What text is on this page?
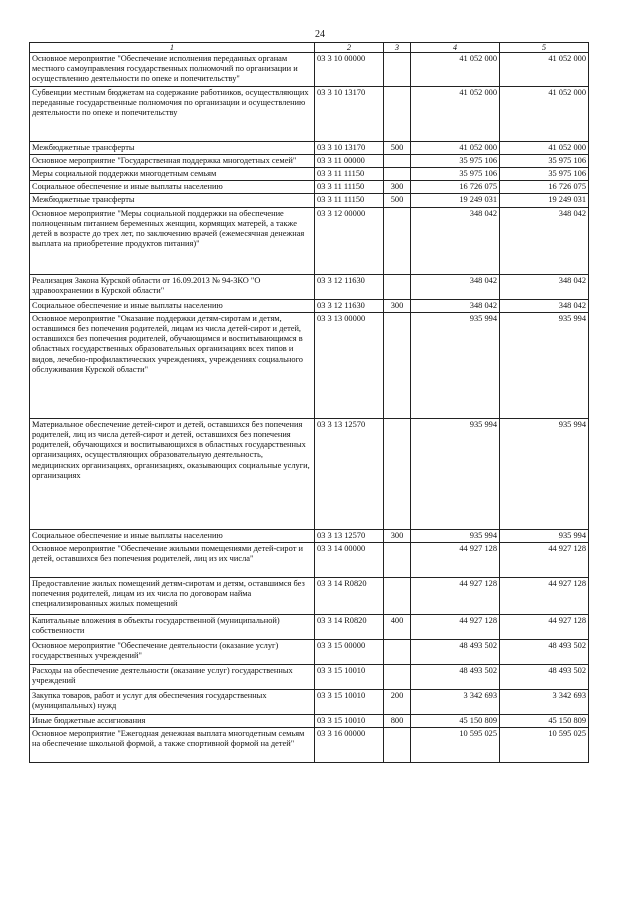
24
1	2	3	4	5
Основное мероприятие "Обеспечение исполнения переданных органам местного самоуправления государственных полномочий по организации и осуществлению деятельности по опеке и попечительству"	03 3 10 00000		41 052 000	41 052 000
Субвенции местным бюджетам на содержание работников, осуществляющих переданные государственные полномочия по организации и осуществлению деятельности по опеке и попечительству	03 3 10 13170		41 052 000	41 052 000
Межбюджетные трансферты	03 3 10 13170	500	41 052 000	41 052 000
Основное мероприятие "Государственная поддержка многодетных семей"	03 3 11 00000		35 975 106	35 975 106
Меры социальной поддержки многодетным семьям	03 3 11 11150		35 975 106	35 975 106
Социальное обеспечение и иные выплаты населению	03 3 11 11150	300	16 726 075	16 726 075
Межбюджетные трансферты	03 3 11 11150	500	19 249 031	19 249 031
Основное мероприятие "Меры социальной поддержки на обеспечение полноценным питанием беременных женщин, кормящих матерей, а также детей в возрасте до трех лет, по заключению врачей (ежемесячная денежная выплата на приобретение продуктов питания)"	03 3 12 00000		348 042	348 042
Реализация Закона Курской области от 16.09.2013 № 94-ЗКО "О здравоохранении в Курской области"	03 3 12 11630		348 042	348 042
Социальное обеспечение и иные выплаты населению	03 3 12 11630	300	348 042	348 042
Основное мероприятие "Оказание поддержки детям-сиротам и детям, оставшимся без попечения родителей, лицам из числа детей-сирот и детей, оставшихся без попечения родителей, обучающимся и воспитывающимся в областных государственных образовательных организациях всех типов и видов, лечебно-профилактических учреждениях, учреждениях социального обслуживания Курской области"	03 3 13 00000		935 994	935 994
Материальное обеспечение детей-сирот и детей, оставшихся без попечения родителей, лиц из числа детей-сирот и детей, оставшихся без попечения родителей, обучающихся и воспитывающихся в областных государственных организациях, осуществляющих образовательную деятельность, медицинских организациях, организациях, оказывающих социальные услуги, организациях	03 3 13 12570		935 994	935 994
Социальное обеспечение и иные выплаты населению	03 3 13 12570	300	935 994	935 994
Основное мероприятие "Обеспечение жилыми помещениями детей-сирот и детей, оставшихся без попечения родителей, лиц из их числа"	03 3 14 00000		44 927 128	44 927 128
Предоставление жилых помещений детям-сиротам и детям, оставшимся без попечения родителей, лицам из их числа по договорам найма специализированных жилых помещений	03 3 14 R0820		44 927 128	44 927 128
Капитальные вложения в объекты государственной (муниципальной) собственности	03 3 14 R0820	400	44 927 128	44 927 128
Основное мероприятие "Обеспечение деятельности (оказание услуг) государственных учреждений"	03 3 15 00000		48 493 502	48 493 502
Расходы на обеспечение деятельности (оказание услуг) государственных учреждений	03 3 15 10010		48 493 502	48 493 502
Закупка товаров, работ и услуг для обеспечения государственных (муниципальных) нужд	03 3 15 10010	200	3 342 693	3 342 693
Иные бюджетные ассигнования	03 3 15 10010	800	45 150 809	45 150 809
Основное мероприятие "Ежегодная денежная выплата многодетным семьям на обеспечение школьной формой, а также спортивной формой на детей"	03 3 16 00000		10 595 025	10 595 025
